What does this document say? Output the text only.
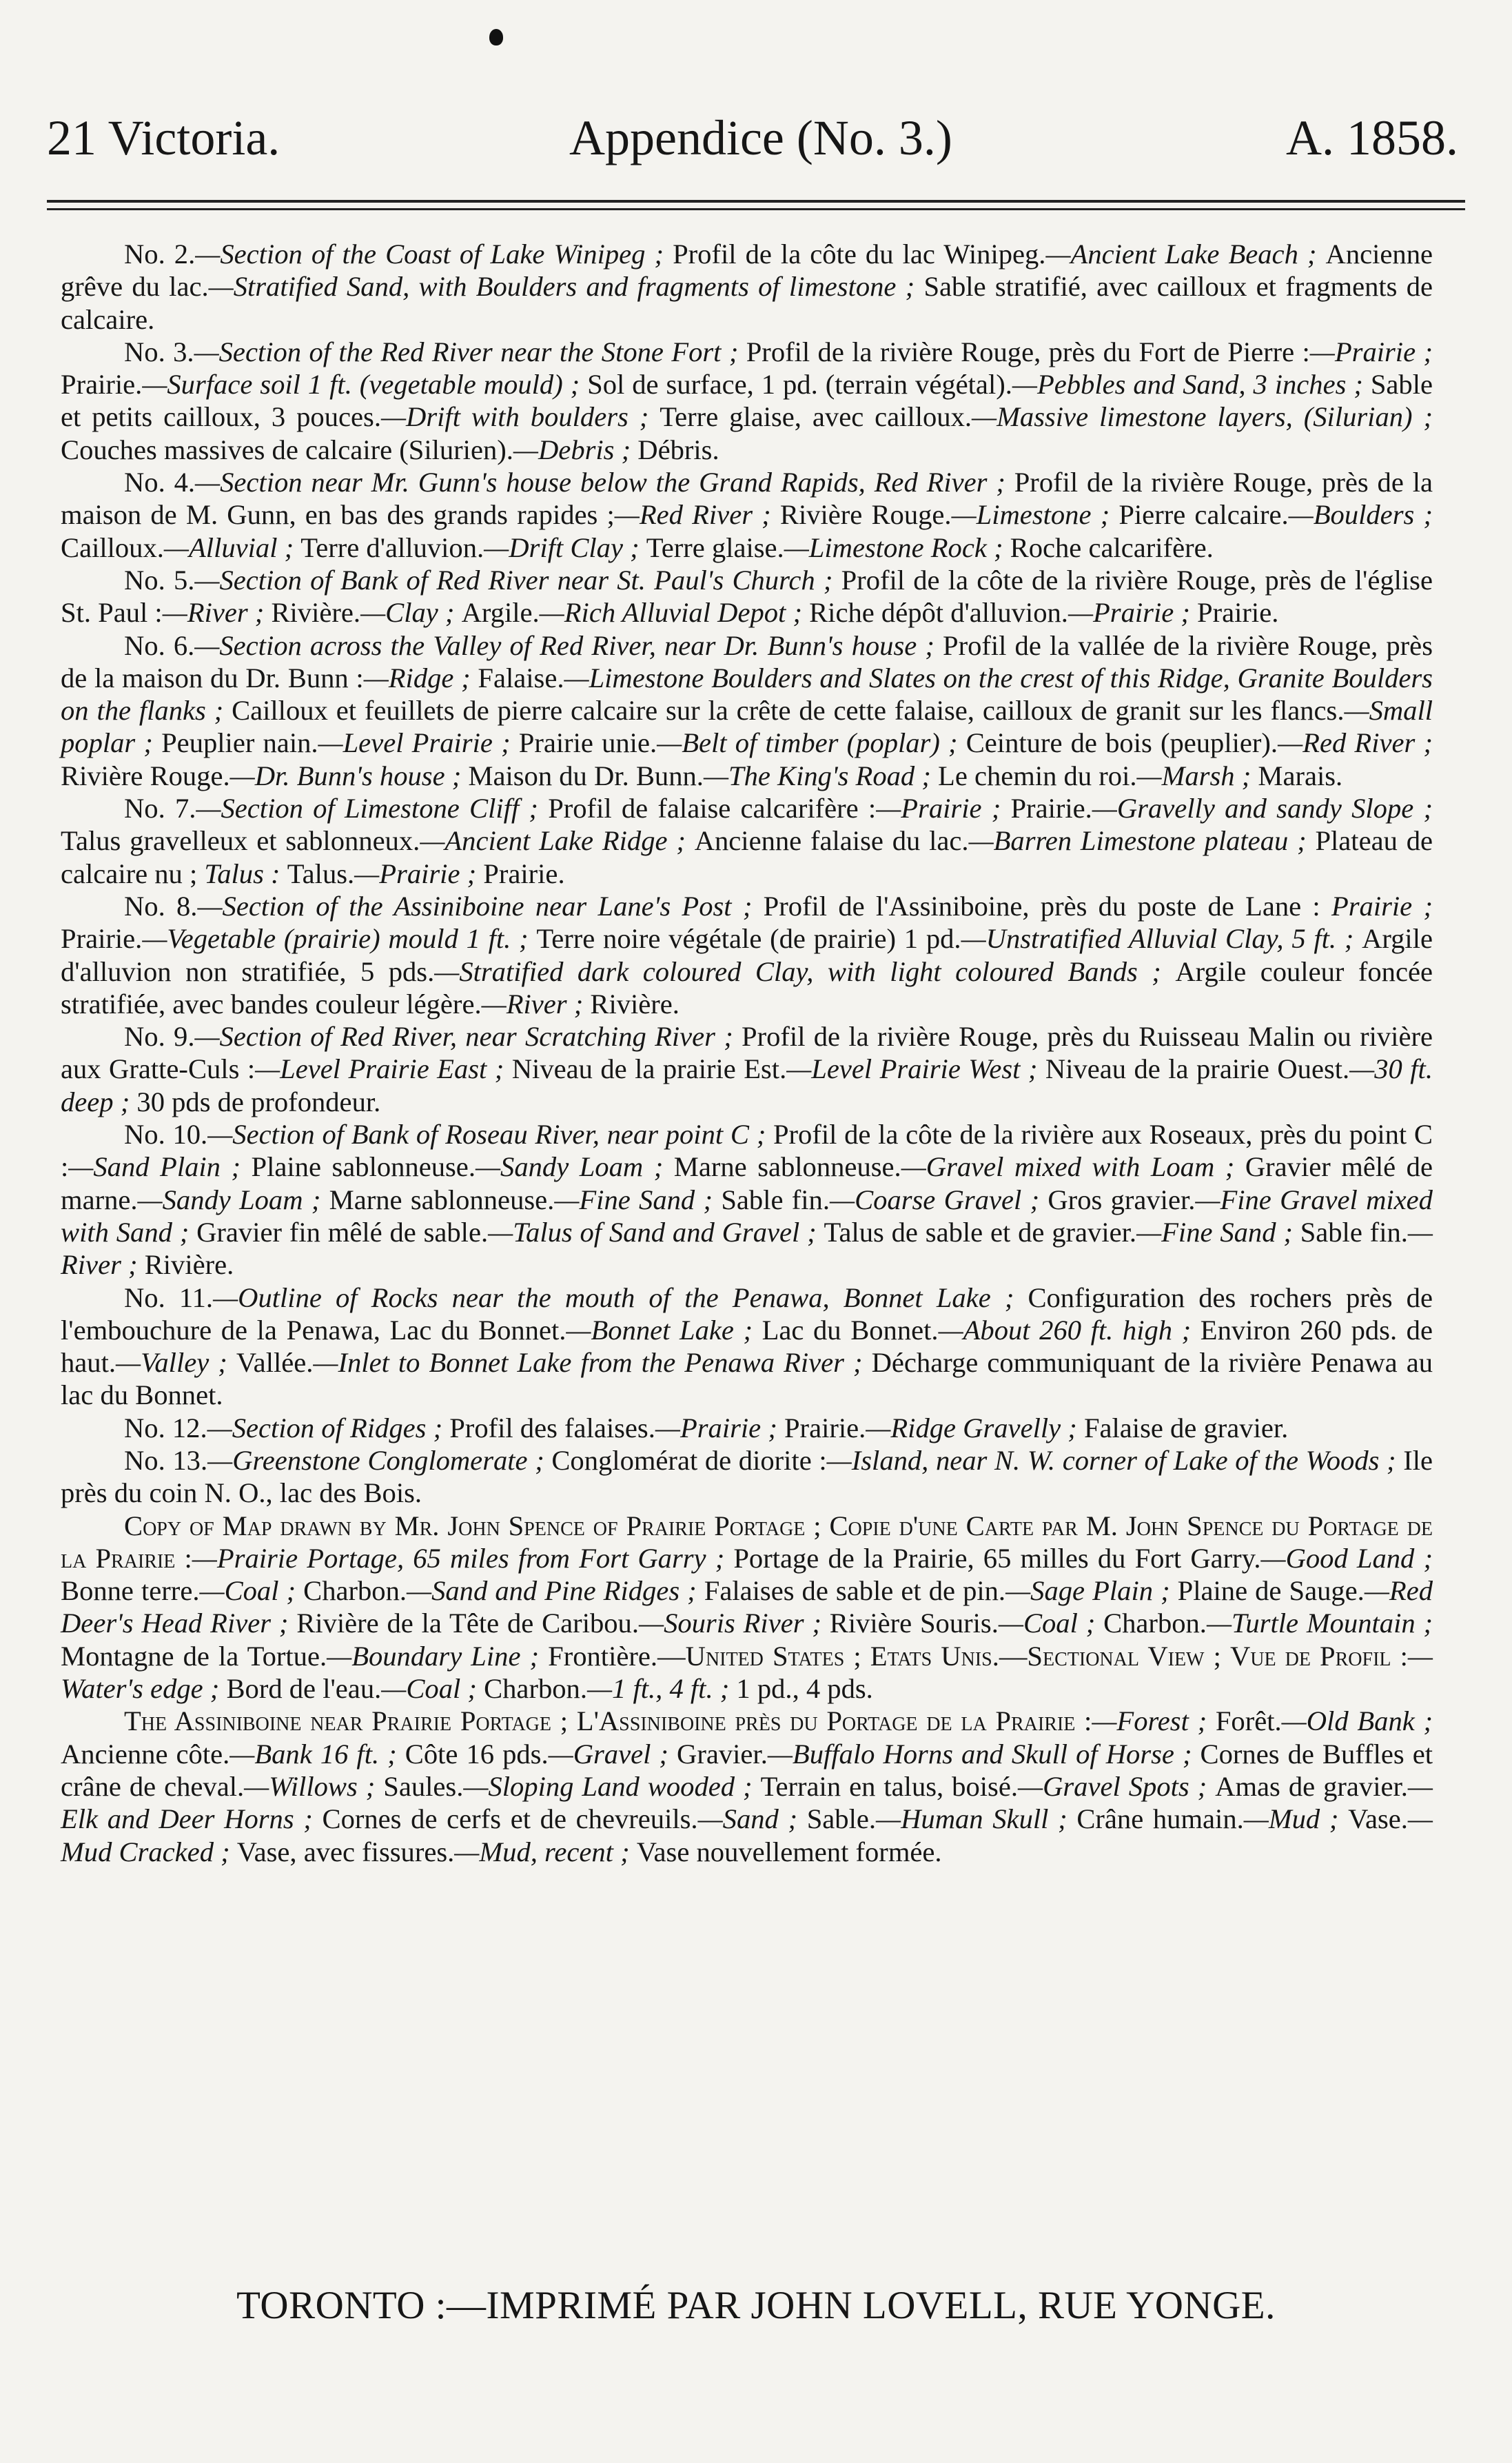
21 Victoria.	Appendice (No. 3.)	A. 1858.

No. 2.—Section of the Coast of Lake Winipeg ; Profil de la côte du lac Winipeg.—Ancient Lake Beach ; Ancienne grêve du lac.—Stratified Sand, with Boulders and fragments of limestone ; Sable stratifié, avec cailloux et fragments de calcaire.

No. 3.—Section of the Red River near the Stone Fort ; Profil de la rivière Rouge, près du Fort de Pierre :—Prairie ; Prairie.—Surface soil 1 ft. (vegetable mould) ; Sol de surface, 1 pd. (terrain végétal).—Pebbles and Sand, 3 inches ; Sable et petits cailloux, 3 pouces.—Drift with boulders ; Terre glaise, avec cailloux.—Massive limestone layers, (Silurian) ; Couches massives de calcaire (Silurien).—Debris ; Débris.

No. 4.—Section near Mr. Gunn's house below the Grand Rapids, Red River ; Profil de la rivière Rouge, près de la maison de M. Gunn, en bas des grands rapides ;—Red River ; Rivière Rouge.—Limestone ; Pierre calcaire.—Boulders ; Cailloux.—Alluvial ; Terre d'alluvion.—Drift Clay ; Terre glaise.—Limestone Rock ; Roche calcarifère.

No. 5.—Section of Bank of Red River near St. Paul's Church ; Profil de la côte de la rivière Rouge, près de l'église St. Paul :—River ; Rivière.—Clay ; Argile.—Rich Alluvial Depot ; Riche dépôt d'alluvion.—Prairie ; Prairie.

No. 6.—Section across the Valley of Red River, near Dr. Bunn's house ; Profil de la vallée de la rivière Rouge, près de la maison du Dr. Bunn :—Ridge ; Falaise.—Limestone Boulders and Slates on the crest of this Ridge, Granite Boulders on the flanks ; Cailloux et feuillets de pierre calcaire sur la crête de cette falaise, cailloux de granit sur les flancs.—Small poplar ; Peuplier nain.—Level Prairie ; Prairie unie.—Belt of timber (poplar) ; Ceinture de bois (peuplier).—Red River ; Rivière Rouge.—Dr. Bunn's house ; Maison du Dr. Bunn.—The King's Road ; Le chemin du roi.—Marsh ; Marais.

No. 7.—Section of Limestone Cliff ; Profil de falaise calcarifère :—Prairie ; Prairie.—Gravelly and sandy Slope ; Talus gravelleux et sablonneux.—Ancient Lake Ridge ; Ancienne falaise du lac.—Barren Limestone plateau ; Plateau de calcaire nu ; Talus : Talus.—Prairie ; Prairie.

No. 8.—Section of the Assiniboine near Lane's Post ; Profil de l'Assiniboine, près du poste de Lane : Prairie ; Prairie.—Vegetable (prairie) mould 1 ft. ; Terre noire végétale (de prairie) 1 pd.—Unstratified Alluvial Clay, 5 ft. ; Argile d'alluvion non stratifiée, 5 pds.—Stratified dark coloured Clay, with light coloured Bands ; Argile couleur foncée stratifiée, avec bandes couleur légère.—River ; Rivière.

No. 9.—Section of Red River, near Scratching River ; Profil de la rivière Rouge, près du Ruisseau Malin ou rivière aux Gratte-Culs :—Level Prairie East ; Niveau de la prairie Est.—Level Prairie West ; Niveau de la prairie Ouest.—30 ft. deep ; 30 pds de profondeur.

No. 10.—Section of Bank of Roseau River, near point C ; Profil de la côte de la rivière aux Roseaux, près du point C :—Sand Plain ; Plaine sablonneuse.—Sandy Loam ; Marne sablonneuse.—Gravel mixed with Loam ; Gravier mêlé de marne.—Sandy Loam ; Marne sablonneuse.—Fine Sand ; Sable fin.—Coarse Gravel ; Gros gravier.—Fine Gravel mixed with Sand ; Gravier fin mêlé de sable.—Talus of Sand and Gravel ; Talus de sable et de gravier.—Fine Sand ; Sable fin.—River ; Rivière.

No. 11.—Outline of Rocks near the mouth of the Penawa, Bonnet Lake ; Configuration des rochers près de l'embouchure de la Penawa, Lac du Bonnet.—Bonnet Lake ; Lac du Bonnet.—About 260 ft. high ; Environ 260 pds. de haut.—Valley ; Vallée.—Inlet to Bonnet Lake from the Penawa River ; Décharge communiquant de la rivière Penawa au lac du Bonnet.

No. 12.—Section of Ridges ; Profil des falaises.—Prairie ; Prairie.—Ridge Gravelly ; Falaise de gravier.

No. 13.—Greenstone Conglomerate ; Conglomérat de diorite :—Island, near N. W. corner of Lake of the Woods ; Ile près du coin N. O., lac des Bois.

Copy of Map drawn by Mr. John Spence of Prairie Portage ; Copie d'une Carte par M. John Spence du Portage de la Prairie :—Prairie Portage, 65 miles from Fort Garry ; Portage de la Prairie, 65 milles du Fort Garry.—Good Land ; Bonne terre.—Coal ; Charbon.—Sand and Pine Ridges ; Falaises de sable et de pin.—Sage Plain ; Plaine de Sauge.—Red Deer's Head River ; Rivière de la Tête de Caribou.—Souris River ; Rivière Souris.—Coal ; Charbon.—Turtle Mountain ; Montagne de la Tortue.—Boundary Line ; Frontière.—United States ; Etats Unis.—Sectional View ; Vue de Profil :—Water's edge ; Bord de l'eau.—Coal ; Charbon.—1 ft., 4 ft. ; 1 pd., 4 pds.

The Assiniboine near Prairie Portage ; L'Assiniboine près du Portage de la Prairie :—Forest ; Forêt.—Old Bank ; Ancienne côte.—Bank 16 ft. ; Côte 16 pds.—Gravel ; Gravier.—Buffalo Horns and Skull of Horse ; Cornes de Buffles et crâne de cheval.—Willows ; Saules.—Sloping Land wooded ; Terrain en talus, boisé.—Gravel Spots ; Amas de gravier.—Elk and Deer Horns ; Cornes de cerfs et de chevreuils.—Sand ; Sable.—Human Skull ; Crâne humain.—Mud ; Vase.—Mud Cracked ; Vase, avec fissures.—Mud, recent ; Vase nouvellement formée.

TORONTO :—IMPRIMÉ PAR JOHN LOVELL, RUE YONGE.
